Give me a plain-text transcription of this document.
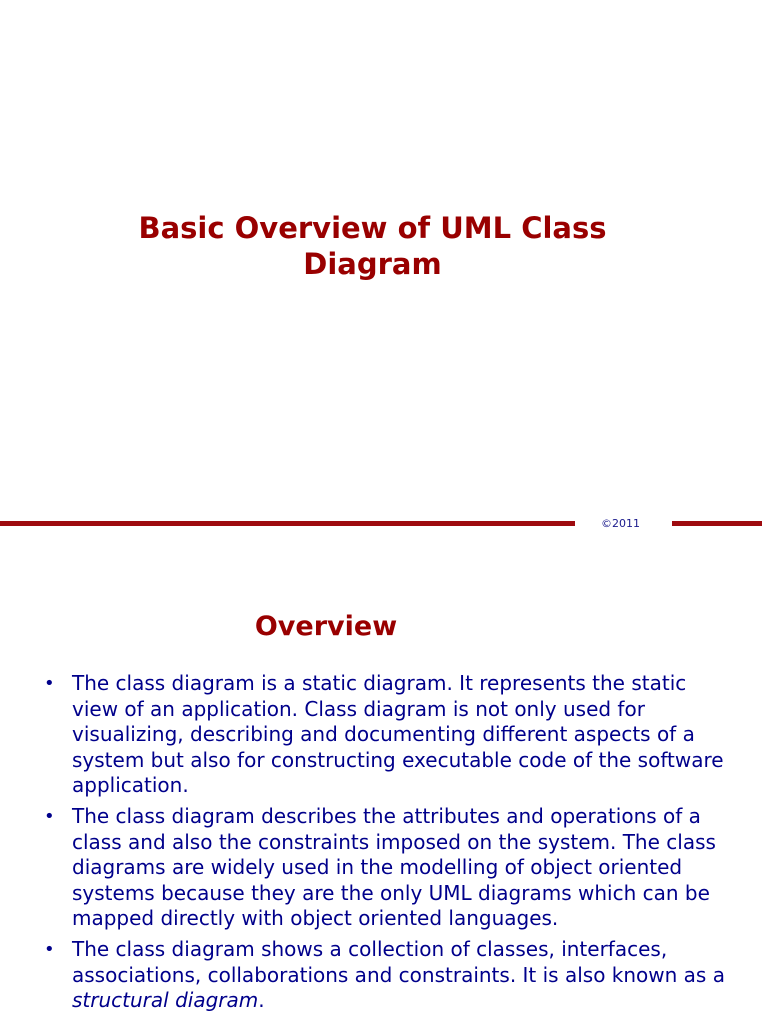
Basic Overview of UML Class Diagram
©2011
Overview
• The class diagram is a static diagram. It represents the static view of an application. Class diagram is not only used for visualizing, describing and documenting different aspects of a system but also for constructing executable code of the software application.
• The class diagram describes the attributes and operations of a class and also the constraints imposed on the system. The class diagrams are widely used in the modelling of object oriented systems because they are the only UML diagrams which can be mapped directly with object oriented languages.
• The class diagram shows a collection of classes, interfaces, associations, collaborations and constraints. It is also known as a structural diagram.
